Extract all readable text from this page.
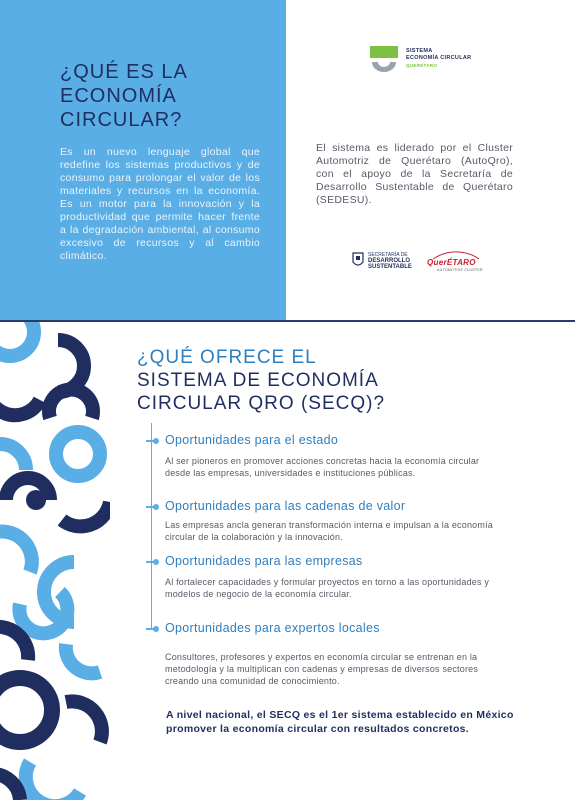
¿QUÉ ES LA
ECONOMÍA
CIRCULAR?
Es un nuevo lenguaje global que redefine los sistemas productivos y de consumo para prolongar el valor de los materiales y recursos en la economía. Es un motor para la innovación y la productividad que permite hacer frente a la degradación ambiental, al consumo excesivo de recursos y al cambio climático.
SISTEMA
ECONOMÍA CIRCULAR
QUERÉTARO
El sistema es liderado por el Cluster Automotriz de Querétaro (AutoQro), con el apoyo de la Secretaría de Desarrollo Sustentable de Querétaro (SEDESU).
SECRETARÍA DE
DESARROLLO
SUSTENTABLE QuerÉTARO
AUTOMOTIVE CLUSTER
¿QUÉ OFRECE EL
SISTEMA DE ECONOMÍA
CIRCULAR QRO (SECQ)?
Oportunidades para el estado
Al ser pioneros en promover acciones concretas hacia la economía circular desde las empresas, universidades e instituciones públicas.
Oportunidades para las cadenas de valor
Las empresas ancla generan transformación interna e impulsan a la economía circular de la colaboración y la innovación.
Oportunidades para las empresas
Al fortalecer capacidades y formular proyectos en torno a las oportunidades y modelos de negocio de la economía circular.
Oportunidades para expertos locales
Consultores, profesores y expertos en economía circular se entrenan en la metodología y la multiplican con cadenas y empresas de diversos sectores creando una comunidad de conocimiento.
A nivel nacional, el SECQ es el 1er sistema establecido en México promover la economía circular con resultados concretos.
